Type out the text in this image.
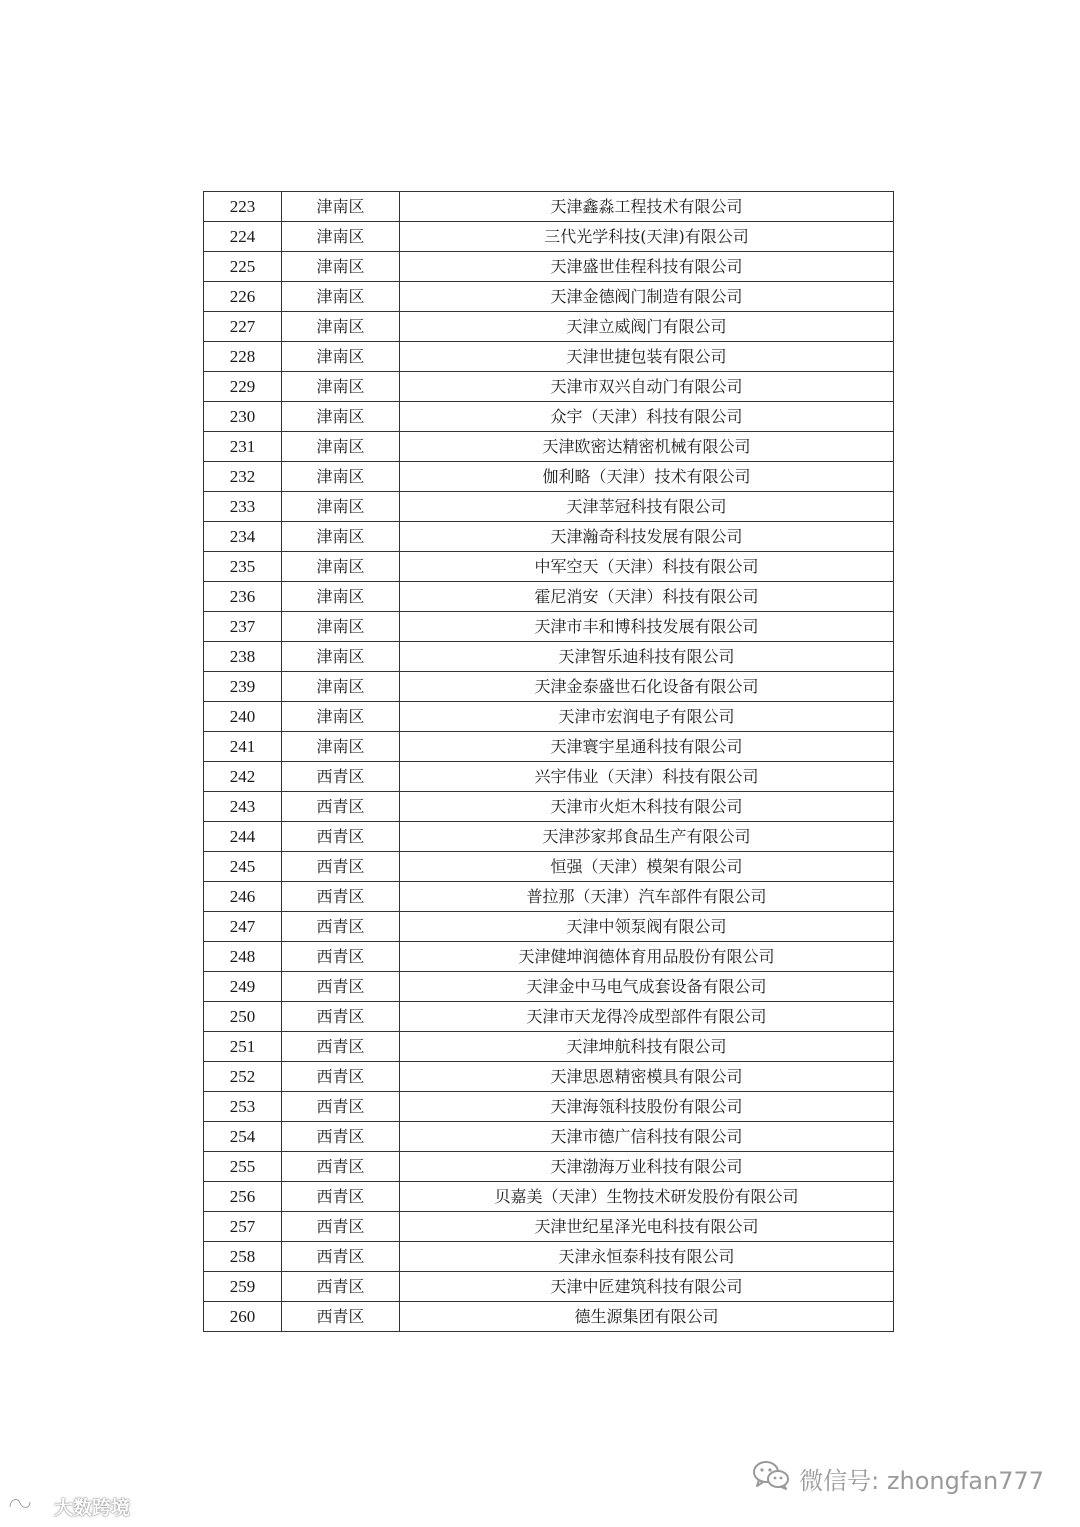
223	津南区	天津鑫淼工程技术有限公司
224	津南区	三代光学科技(天津)有限公司
225	津南区	天津盛世佳程科技有限公司
226	津南区	天津金德阀门制造有限公司
227	津南区	天津立威阀门有限公司
228	津南区	天津世捷包装有限公司
229	津南区	天津市双兴自动门有限公司
230	津南区	众宇（天津）科技有限公司
231	津南区	天津欧密达精密机械有限公司
232	津南区	伽利略（天津）技术有限公司
233	津南区	天津莘冠科技有限公司
234	津南区	天津瀚奇科技发展有限公司
235	津南区	中军空天（天津）科技有限公司
236	津南区	霍尼消安（天津）科技有限公司
237	津南区	天津市丰和博科技发展有限公司
238	津南区	天津智乐迪科技有限公司
239	津南区	天津金泰盛世石化设备有限公司
240	津南区	天津市宏润电子有限公司
241	津南区	天津寰宇星通科技有限公司
242	西青区	兴宇伟业（天津）科技有限公司
243	西青区	天津市火炬木科技有限公司
244	西青区	天津莎家邦食品生产有限公司
245	西青区	恒强（天津）模架有限公司
246	西青区	普拉那（天津）汽车部件有限公司
247	西青区	天津中领泵阀有限公司
248	西青区	天津健坤润德体育用品股份有限公司
249	西青区	天津金中马电气成套设备有限公司
250	西青区	天津市天龙得冷成型部件有限公司
251	西青区	天津坤航科技有限公司
252	西青区	天津思恩精密模具有限公司
253	西青区	天津海瓴科技股份有限公司
254	西青区	天津市德广信科技有限公司
255	西青区	天津渤海万业科技有限公司
256	西青区	贝嘉美（天津）生物技术研发股份有限公司
257	西青区	天津世纪星泽光电科技有限公司
258	西青区	天津永恒泰科技有限公司
259	西青区	天津中匠建筑科技有限公司
260	西青区	德生源集团有限公司
微信号: zhongfan777
大数跨境
